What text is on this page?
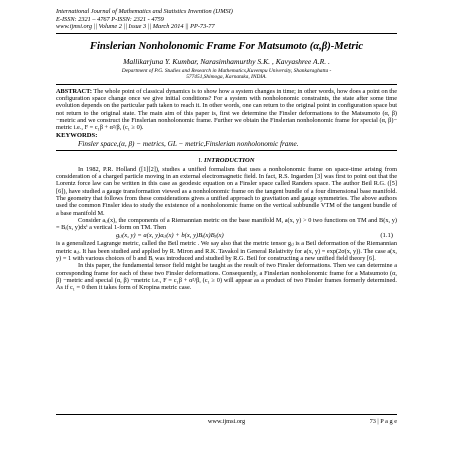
International Journal of Mathematics and Statistics Invention (IJMSI)
E-ISSN: 2321 – 4767 P-ISSN: 2321 - 4759
www.ijmsi.org || Volume 2 || Issue 3 || March 2014 || PP-73-77
Finslerian Nonholonomic Frame For Matsumoto (α,β)-Metric
Mallikarjuna Y. Kumbar, Narasimhamurthy S.K. , Kavyashree A.R. .
Department of P.G. Studies and Research in Mathematics,Kuvempu University, Shankaraghatta -
577451,Shimoga, Karnataka, INDIA.
ABSTRACT: The whole point of classical dynamics is to show how a system changes in time; in other words, how does a point on the configuration space change once we give initial conditions? For a system with nonholonomic constraints, the state after some time evolution depends on the particular path taken to reach it. In other words, one can return to the original point in configuration space but not return to the original state. The main aim of this paper is, first we determine the Finsler deformations to the Matsumoto (α, β) −metric and we construct the Finslerian nonholonomic frame. Further we obtain the Finslerian nonholonomic frame for special (α, β)− metric i.e., F = c₁β + α²/β, (c₁ ≥ 0).
KEYWORDS:
Finsler space,(α, β) − metrics, GL − metric,Finslerian nonholonomic frame.
I. INTRODUCTION
In 1982, P.R. Holland ([1][2]), studies a unified formalism that uses a nonholonomic frame on space-time arising from consideration of a charged particle moving in an external electromagnetic field. In fact, R.S. Ingarden [3] was first to point out that the Lorentz force law can be written in this case as geodesic equation on a Finsler space called Randers space. The author Beil R.G. ([5][6]), have studied a gauge transformation viewed as a nonholonomic frame on the tangent bundle of a four dimensional base manifold. The geometry that follows from these considerations gives a unified approach to gravitation and gauge symmetries. The above authors used the common Finsler idea to study the existence of a nonholonomic frame on the vertical subbundle VTM of the tangent bundle of a base manifold M.
Consider aᵢⱼ(x), the components of a Riemannian metric on the base manifold M, a(x, y) > 0 two functions on TM and B(x, y) = Bᵢ(x, y)dxⁱ a vertical 1-form on TM. Then
gᵢⱼ(x, y) = a(x, y)aᵢⱼ(x) + b(x, y)Bᵢ(x)Bⱼ(x)	(1.1)
is a generalized Lagrange metric, called the Beil metric . We say also that the metric tensor gᵢⱼ is a Beil deformation of the Riemannian metric aᵢⱼ. It has been studied and applied by R. Miron and R.K. Tavakol in General Relativity for a(x, y) = exp(2σ(x, y)). The case a(x, y) = 1 with various choices of b and Bᵢ was introduced and studied by R.G. Beil for constructing a new unified field theory [6].
In this paper, the fundamental tensor field might be taught as the result of two Finsler deformations. Then we can determine a corresponding frame for each of these two Finsler deformations. Consequently, a Finslerian nonholonomic frame for a Matsumoto (α, β) −metric and special (α, β) −metric i.e., F = c₁β + α²/β, (c₁ ≥ 0) will appear as a product of two Finsler frames formerly determined. As if c₁ = 0 then it takes form of Kropina metric case.
www.ijmsi.org	73 | P a g e
